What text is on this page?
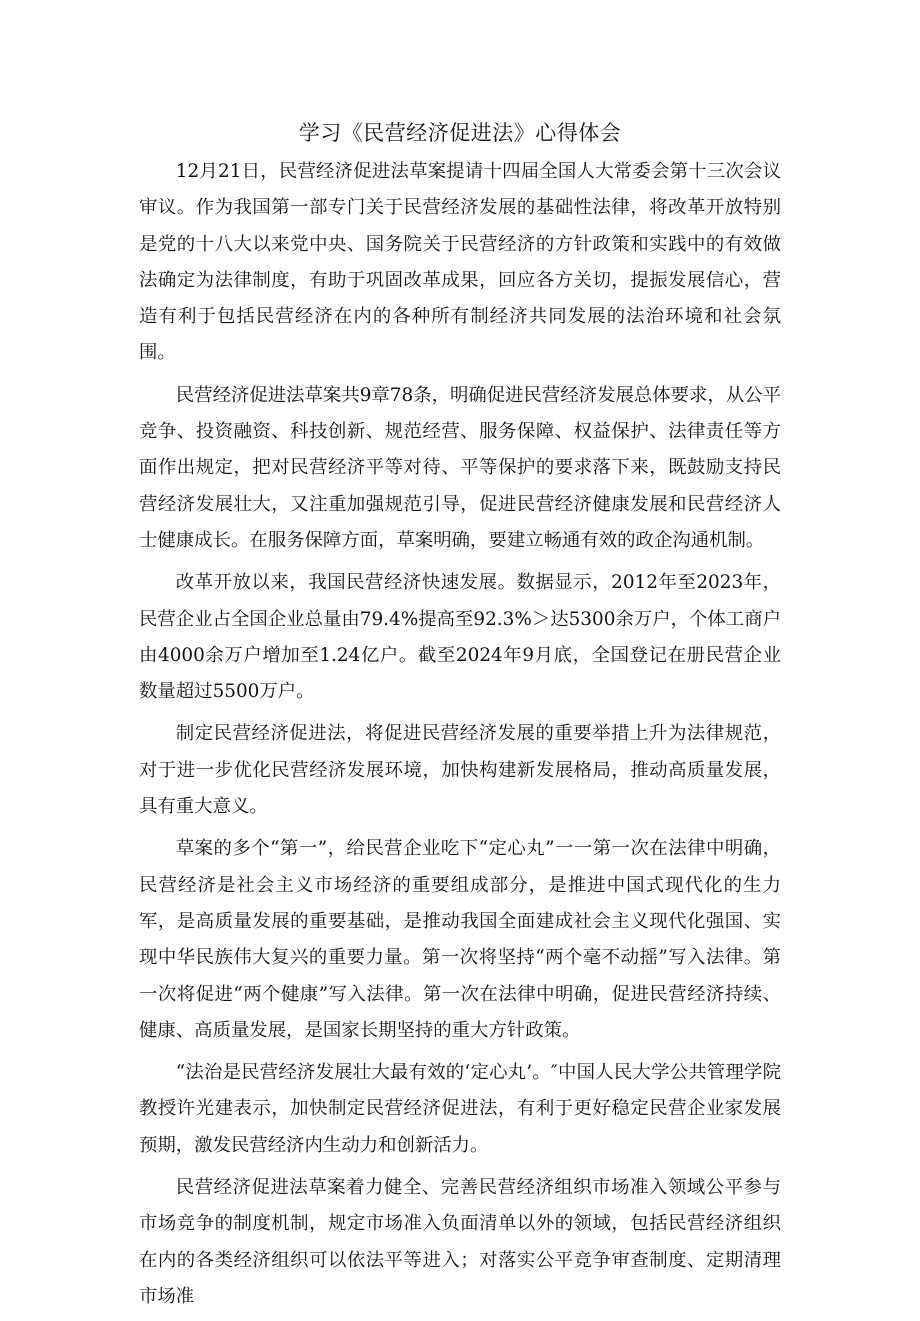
学习《民营经济促进法》心得体会

12月21日，民营经济促进法草案提请十四届全国人大常委会第十三次会议审议。作为我国第一部专门关于民营经济发展的基础性法律，将改革开放特别是党的十八大以来党中央、国务院关于民营经济的方针政策和实践中的有效做法确定为法律制度，有助于巩固改革成果，回应各方关切，提振发展信心，营造有利于包括民营经济在内的各种所有制经济共同发展的法治环境和社会氛围。

民营经济促进法草案共9章78条，明确促进民营经济发展总体要求，从公平竞争、投资融资、科技创新、规范经营、服务保障、权益保护、法律责任等方面作出规定，把对民营经济平等对待、平等保护的要求落下来，既鼓励支持民营经济发展壮大，又注重加强规范引导，促进民营经济健康发展和民营经济人士健康成长。在服务保障方面，草案明确，要建立畅通有效的政企沟通机制。

改革开放以来，我国民营经济快速发展。数据显示，2012年至2023年，民营企业占全国企业总量由79.4%提高至92.3%＞达5300余万户，个体工商户由4000余万户增加至1.24亿户。截至2024年9月底，全国登记在册民营企业数量超过5500万户。

制定民营经济促进法，将促进民营经济发展的重要举措上升为法律规范，对于进一步优化民营经济发展环境，加快构建新发展格局，推动高质量发展，具有重大意义。

草案的多个“第一”，给民营企业吃下“定心丸”一一第一次在法律中明确，民营经济是社会主义市场经济的重要组成部分，是推进中国式现代化的生力军，是高质量发展的重要基础，是推动我国全面建成社会主义现代化强国、实现中华民族伟大复兴的重要力量。第一次将坚持“两个毫不动摇”写入法律。第一次将促进“两个健康”写入法律。第一次在法律中明确，促进民营经济持续、健康、高质量发展，是国家长期坚持的重大方针政策。

“法治是民营经济发展壮大最有效的‘定心丸’。″中国人民大学公共管理学院教授许光建表示，加快制定民营经济促进法，有利于更好稳定民营企业家发展预期，激发民营经济内生动力和创新活力。

民营经济促进法草案着力健全、完善民营经济组织市场准入领域公平参与市场竞争的制度机制，规定市场准入负面清单以外的领域，包括民营经济组织在内的各类经济组织可以依法平等进入；对落实公平竞争审查制度、定期清理市场准
